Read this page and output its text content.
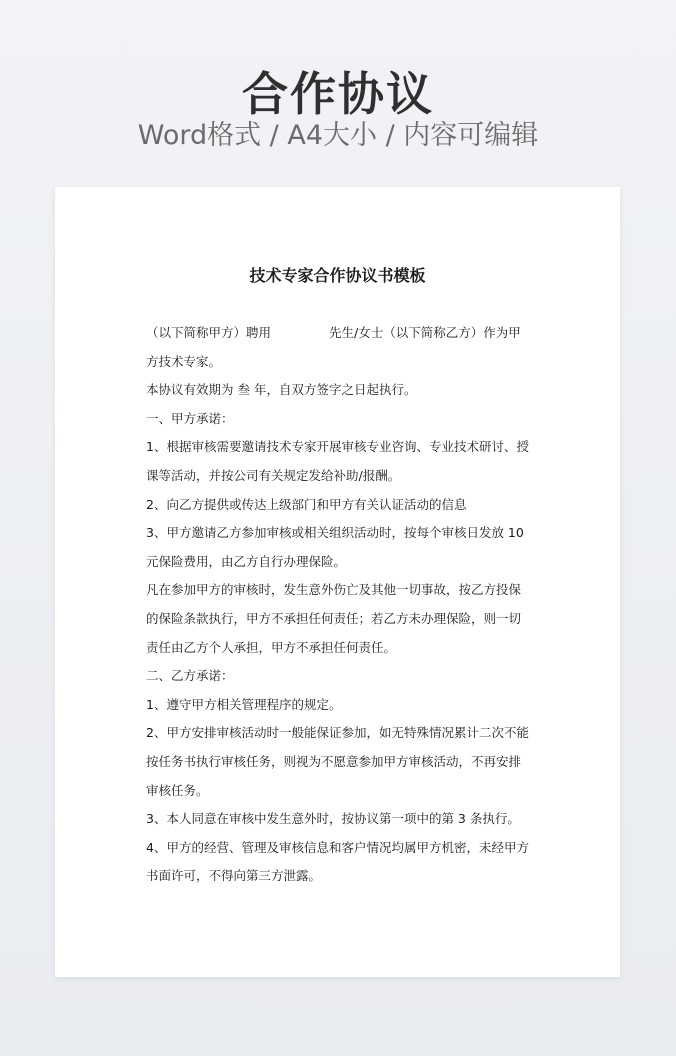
合作协议
Word格式 / A4大小 / 内容可编辑
技术专家合作协议书模板

（以下简称甲方）聘用	先生/女士（以下简称乙方）作为甲方技术专家。

本协议有效期为 叁 年，自双方签字之日起执行。

一、甲方承诺：

1、根据审核需要邀请技术专家开展审核专业咨询、专业技术研讨、授课等活动，并按公司有关规定发给补助/报酬。

2、向乙方提供或传达上级部门和甲方有关认证活动的信息

3、甲方邀请乙方参加审核或相关组织活动时，按每个审核日发放 10 元保险费用，由乙方自行办理保险。

凡在参加甲方的审核时，发生意外伤亡及其他一切事故，按乙方投保的保险条款执行，甲方不承担任何责任；若乙方未办理保险，则一切责任由乙方个人承担，甲方不承担任何责任。

二、乙方承诺：

1、遵守甲方相关管理程序的规定。

2、甲方安排审核活动时一般能保证参加，如无特殊情况累计二次不能按任务书执行审核任务，则视为不愿意参加甲方审核活动，不再安排审核任务。

3、本人同意在审核中发生意外时，按协议第一项中的第 3 条执行。

4、甲方的经营、管理及审核信息和客户情况均属甲方机密，未经甲方书面许可，不得向第三方泄露。
